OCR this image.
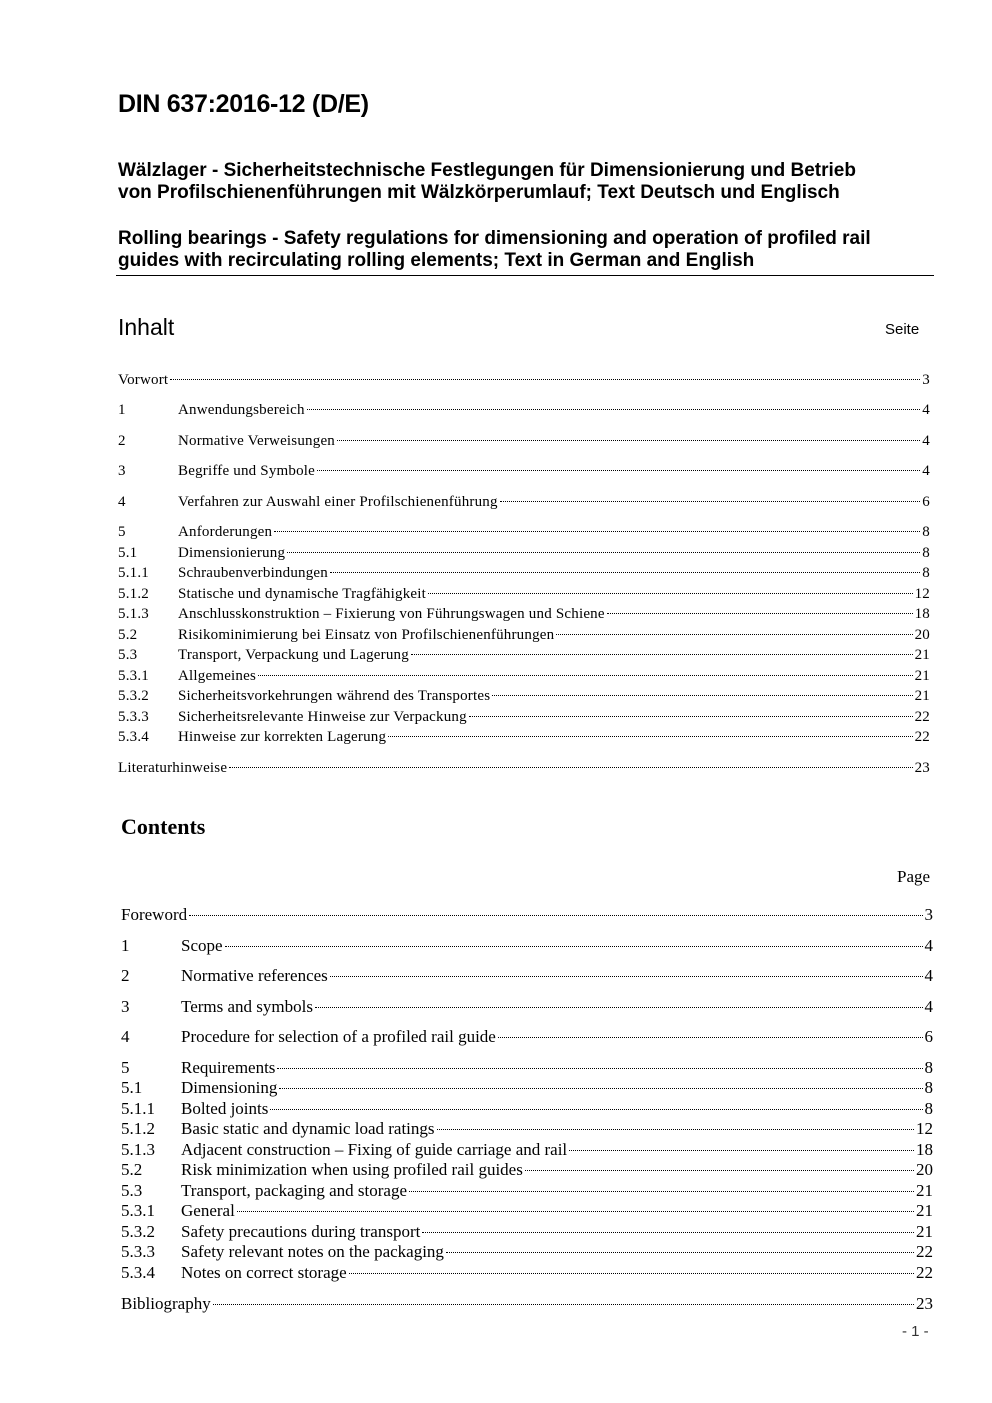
DIN 637:2016-12 (D/E)
Wälzlager - Sicherheitstechnische Festlegungen für Dimensionierung und Betrieb
von Profilschienenführungen mit Wälzkörperumlauf; Text Deutsch und Englisch
Rolling bearings - Safety regulations for dimensioning and operation of profiled rail
guides with recirculating rolling elements; Text in German and English
Inhalt	Seite
Vorwort	3
1	Anwendungsbereich	4
2	Normative Verweisungen	4
3	Begriffe und Symbole	4
4	Verfahren zur Auswahl einer Profilschienenführung	6
5	Anforderungen	8
5.1	Dimensionierung	8
5.1.1	Schraubenverbindungen	8
5.1.2	Statische und dynamische Tragfähigkeit	12
5.1.3	Anschlusskonstruktion – Fixierung von Führungswagen und Schiene	18
5.2	Risikominimierung bei Einsatz von Profilschienenführungen	20
5.3	Transport, Verpackung und Lagerung	21
5.3.1	Allgemeines	21
5.3.2	Sicherheitsvorkehrungen während des Transportes	21
5.3.3	Sicherheitsrelevante Hinweise zur Verpackung	22
5.3.4	Hinweise zur korrekten Lagerung	22
Literaturhinweise	23
Contents
Page
Foreword	3
1	Scope	4
2	Normative references	4
3	Terms and symbols	4
4	Procedure for selection of a profiled rail guide	6
5	Requirements	8
5.1	Dimensioning	8
5.1.1	Bolted joints	8
5.1.2	Basic static and dynamic load ratings	12
5.1.3	Adjacent construction – Fixing of guide carriage and rail	18
5.2	Risk minimization when using profiled rail guides	20
5.3	Transport, packaging and storage	21
5.3.1	General	21
5.3.2	Safety precautions during transport	21
5.3.3	Safety relevant notes on the packaging	22
5.3.4	Notes on correct storage	22
Bibliography	23
- 1 -
